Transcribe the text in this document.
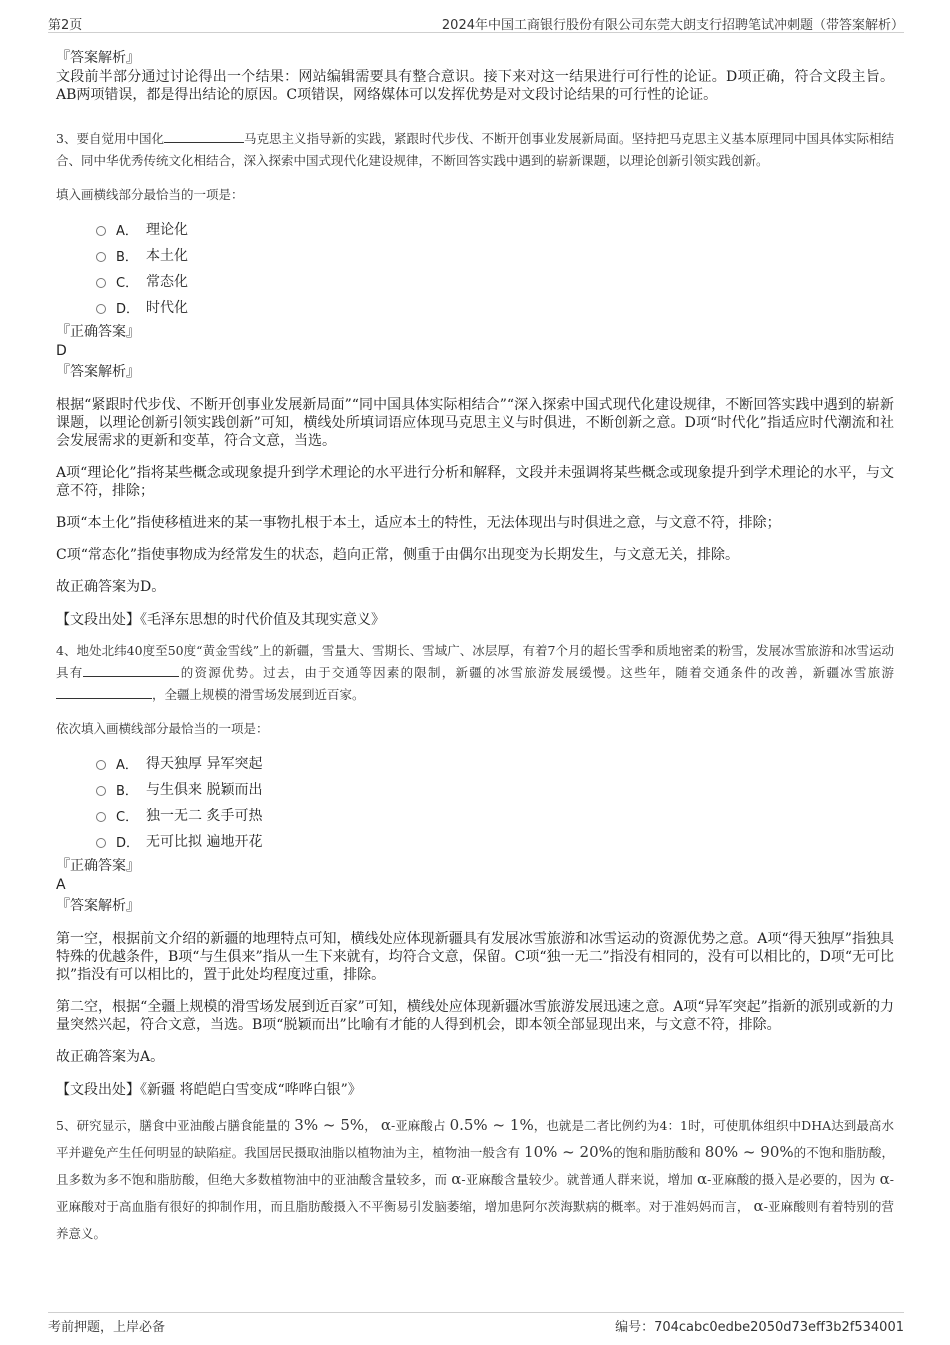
第2页	2024年中国工商银行股份有限公司东莞大朗支行招聘笔试冲刺题（带答案解析）

『答案解析』

文段前半部分通过讨论得出一个结果：网站编辑需要具有整合意识。接下来对这一结果进行可行性的论证。D项正确，符合文段主旨。AB两项错误，都是得出结论的原因。C项错误，网络媒体可以发挥优势是对文段讨论结果的可行性的论证。

3、要自觉用中国化	马克思主义指导新的实践，紧跟时代步伐、不断开创事业发展新局面。坚持把马克思主义基本原理同中国具体实际相结合、同中华优秀传统文化相结合，深入探索中国式现代化建设规律，不断回答实践中遇到的崭新课题，以理论创新引领实践创新。

填入画横线部分最恰当的一项是：

A． 理论化
B． 本土化
C． 常态化
D． 时代化

『正确答案』

D

『答案解析』

根据“紧跟时代步伐、不断开创事业发展新局面”“同中国具体实际相结合”“深入探索中国式现代化建设规律，不断回答实践中遇到的崭新课题，以理论创新引领实践创新”可知，横线处所填词语应体现马克思主义与时俱进，不断创新之意。D项“时代化”指适应时代潮流和社会发展需求的更新和变革，符合文意，当选。

A项“理论化”指将某些概念或现象提升到学术理论的水平进行分析和解释，文段并未强调将某些概念或现象提升到学术理论的水平，与文意不符，排除；

B项“本土化”指使移植进来的某一事物扎根于本土，适应本土的特性，无法体现出与时俱进之意，与文意不符，排除；

C项“常态化”指使事物成为经常发生的状态，趋向正常，侧重于由偶尔出现变为长期发生，与文意无关，排除。

故正确答案为D。

【文段出处】《毛泽东思想的时代价值及其现实意义》

4、地处北纬40度至50度“黄金雪线”上的新疆，雪量大、雪期长、雪域广、冰层厚，有着7个月的超长雪季和质地密柔的粉雪，发展冰雪旅游和冰雪运动具有	的资源优势。过去，由于交通等因素的限制，新疆的冰雪旅游发展缓慢。这些年，随着交通条件的改善，新疆冰雪旅游，全疆上规模的滑雪场发展到近百家。

依次填入画横线部分最恰当的一项是：

A． 得天独厚 异军突起
B． 与生俱来 脱颖而出
C． 独一无二 炙手可热
D． 无可比拟 遍地开花

『正确答案』

A

『答案解析』

第一空，根据前文介绍的新疆的地理特点可知，横线处应体现新疆具有发展冰雪旅游和冰雪运动的资源优势之意。A项“得天独厚”指独具特殊的优越条件，B项“与生俱来”指从一生下来就有，均符合文意，保留。C项“独一无二”指没有相同的，没有可以相比的，D项“无可比拟”指没有可以相比的，置于此处均程度过重，排除。

第二空，根据“全疆上规模的滑雪场发展到近百家”可知，横线处应体现新疆冰雪旅游发展迅速之意。A项“异军突起”指新的派别或新的力量突然兴起，符合文意，当选。B项“脱颖而出”比喻有才能的人得到机会，即本领全部显现出来，与文意不符，排除。

故正确答案为A。

【文段出处】《新疆 将皑皑白雪变成“哗哗白银”》

5、研究显示，膳食中亚油酸占膳食能量的 3% ~ 5%， α-亚麻酸占 0.5% ~ 1%，也就是二者比例约为4：1时，可使肌体组织中DHA达到最高水平并避免产生任何明显的缺陷症。我国居民摄取油脂以植物油为主，植物油一般含有 10% ~ 20%的饱和脂肪酸和 80% ~ 90%的不饱和脂肪酸，且多数为多不饱和脂肪酸，但绝大多数植物油中的亚油酸含量较多，而 α-亚麻酸含量较少。就普通人群来说，增加 α-亚麻酸的摄入是必要的，因为 α-亚麻酸对于高血脂有很好的抑制作用，而且脂肪酸摄入不平衡易引发脑萎缩，增加患阿尔茨海默病的概率。对于准妈妈而言， α-亚麻酸则有着特别的营养意义。

考前押题，上岸必备	编号：704cabc0edbe2050d73eff3b2f534001
